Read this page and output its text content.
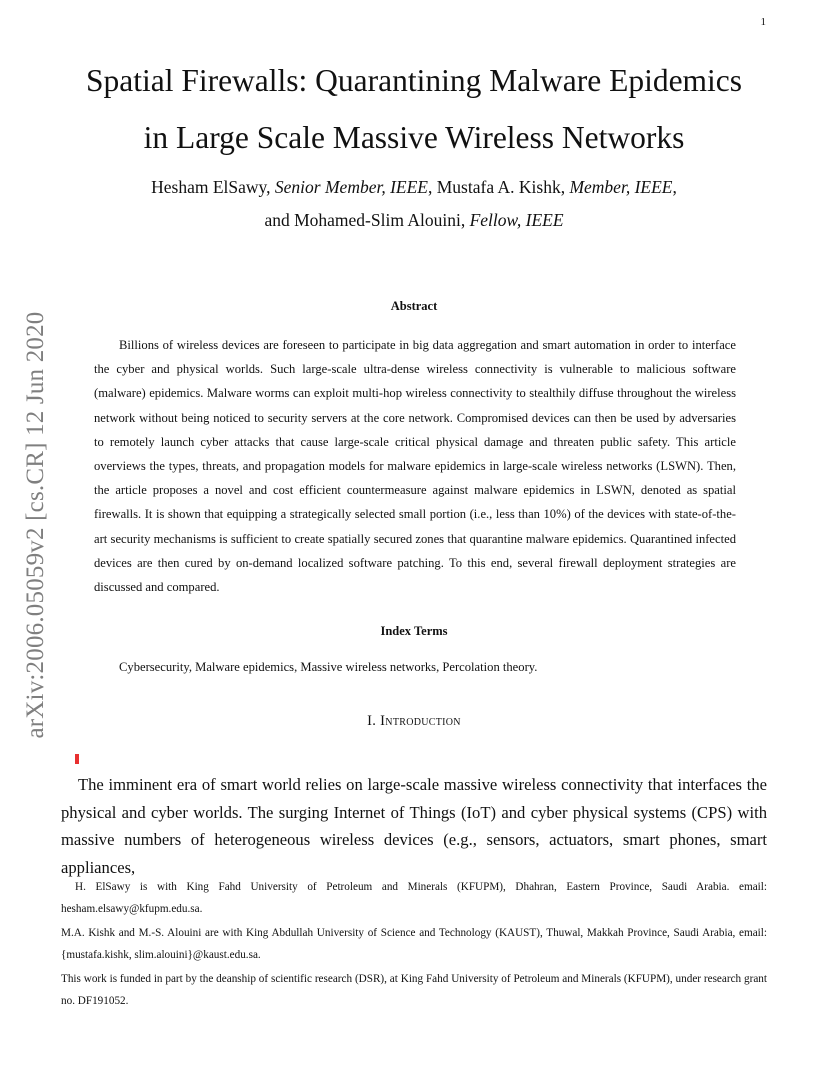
1
arXiv:2006.05059v2 [cs.CR] 12 Jun 2020
Spatial Firewalls: Quarantining Malware Epidemics
in Large Scale Massive Wireless Networks
Hesham ElSawy, Senior Member, IEEE, Mustafa A. Kishk, Member, IEEE,
and Mohamed-Slim Alouini, Fellow, IEEE
Abstract

Billions of wireless devices are foreseen to participate in big data aggregation and smart automation in order to interface the cyber and physical worlds. Such large-scale ultra-dense wireless connectivity is vulnerable to malicious software (malware) epidemics. Malware worms can exploit multi-hop wireless connectivity to stealthily diffuse throughout the wireless network without being noticed to security servers at the core network. Compromised devices can then be used by adversaries to remotely launch cyber attacks that cause large-scale critical physical damage and threaten public safety. This article overviews the types, threats, and propagation models for malware epidemics in large-scale wireless networks (LSWN). Then, the article proposes a novel and cost efficient countermeasure against malware epidemics in LSWN, denoted as spatial firewalls. It is shown that equipping a strategically selected small portion (i.e., less than 10%) of the devices with state-of-the-art security mechanisms is sufficient to create spatially secured zones that quarantine malware epidemics. Quarantined infected devices are then cured by on-demand localized software patching. To this end, several firewall deployment strategies are discussed and compared.

Index Terms
Cybersecurity, Malware epidemics, Massive wireless networks, Percolation theory.
I. Introduction

The imminent era of smart world relies on large-scale massive wireless connectivity that interfaces the physical and cyber worlds. The surging Internet of Things (IoT) and cyber physical systems (CPS) with massive numbers of heterogeneous wireless devices (e.g., sensors, actuators, smart phones, smart appliances,

H. ElSawy is with King Fahd University of Petroleum and Minerals (KFUPM), Dhahran, Eastern Province, Saudi Arabia. email: hesham.elsawy@kfupm.edu.sa.

M.A. Kishk and M.-S. Alouini are with King Abdullah University of Science and Technology (KAUST), Thuwal, Makkah Province, Saudi Arabia, email: {mustafa.kishk, slim.alouini}@kaust.edu.sa.

This work is funded in part by the deanship of scientific research (DSR), at King Fahd University of Petroleum and Minerals (KFUPM), under research grant no. DF191052.
